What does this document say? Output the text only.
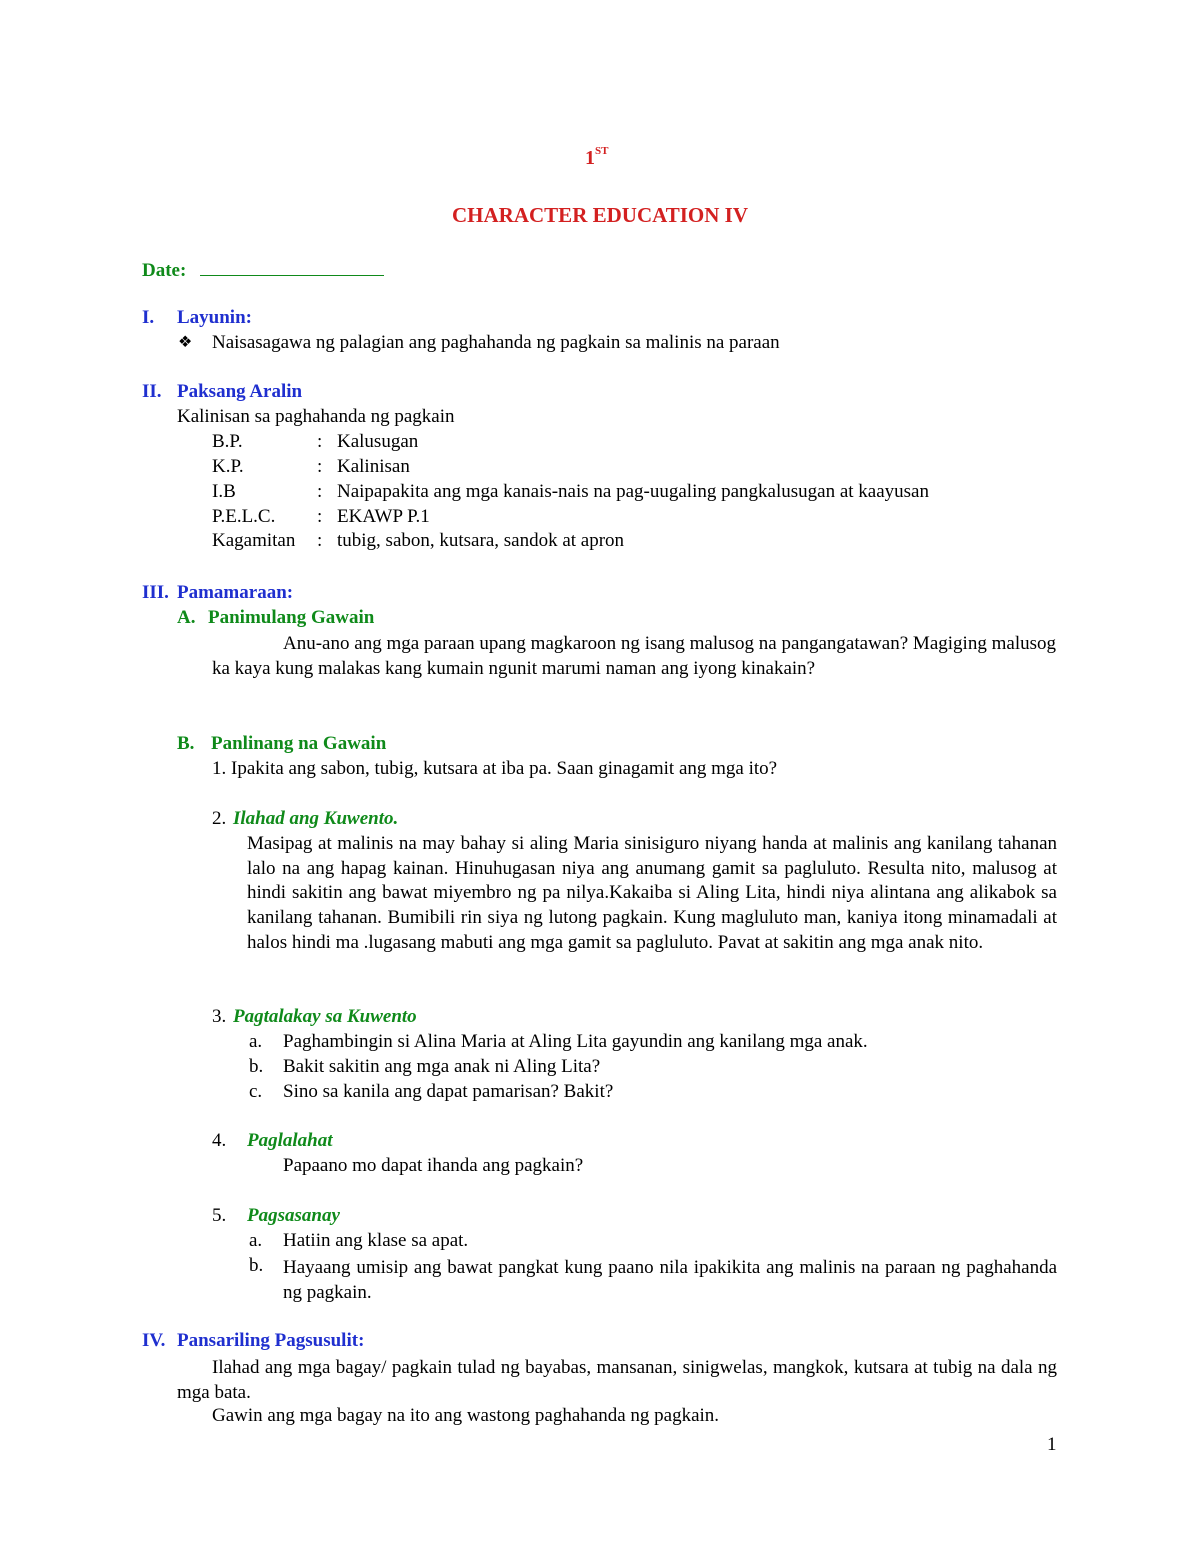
1ST
CHARACTER EDUCATION IV
Date:
I. Layunin:
❖ Naisasagawa ng palagian ang paghahanda ng pagkain sa malinis na paraan
II. Paksang Aralin
Kalinisan sa paghahanda ng pagkain
B.P.	: Kalusugan
K.P.	: Kalinisan
I.B	: Naipapakita ang mga kanais-nais na pag-uugaling pangkalusugan at kaayusan
P.E.L.C. : EKAWP P.1
Kagamitan : tubig, sabon, kutsara, sandok at apron
III. Pamamaraan:
A. Panimulang Gawain
Anu-ano ang mga paraan upang magkaroon ng isang malusog na pangangatawan? Magiging malusog ka kaya kung malakas kang kumain ngunit marumi naman ang iyong kinakain?
B. Panlinang na Gawain
1. Ipakita ang sabon, tubig, kutsara at iba pa. Saan ginagamit ang mga ito?
2. Ilahad ang Kuwento.
Masipag at malinis na may bahay si aling Maria sinisiguro niyang handa at malinis ang kanilang tahanan lalo na ang hapag kainan. Hinuhugasan niya ang anumang gamit sa pagluluto. Resulta nito, malusog at hindi sakitin ang bawat miyembro ng pa nilya.Kakaiba si Aling Lita, hindi niya alintana ang alikabok sa kanilang tahanan. Bumibili rin siya ng lutong pagkain. Kung magluluto man, kaniya itong minamadali at halos hindi ma .lugasang mabuti ang mga gamit sa pagluluto. Pavat at sakitin ang mga anak nito.
3. Pagtalakay sa Kuwento
a. Paghambingin si Alina Maria at Aling Lita gayundin ang kanilang mga anak.
b. Bakit sakitin ang mga anak ni Aling Lita?
c. Sino sa kanila ang dapat pamarisan? Bakit?
4. Paglalahat
Papaano mo dapat ihanda ang pagkain?
5. Pagsasanay
a. Hatiin ang klase sa apat.
b. Hayaang umisip ang bawat pangkat kung paano nila ipakikita ang malinis na paraan ng paghahanda ng pagkain.
IV. Pansariling Pagsusulit:
Ilahad ang mga bagay/ pagkain tulad ng bayabas, mansanan, sinigwelas, mangkok, kutsara at tubig na dala ng mga bata.
Gawin ang mga bagay na ito ang wastong paghahanda ng pagkain.
1
